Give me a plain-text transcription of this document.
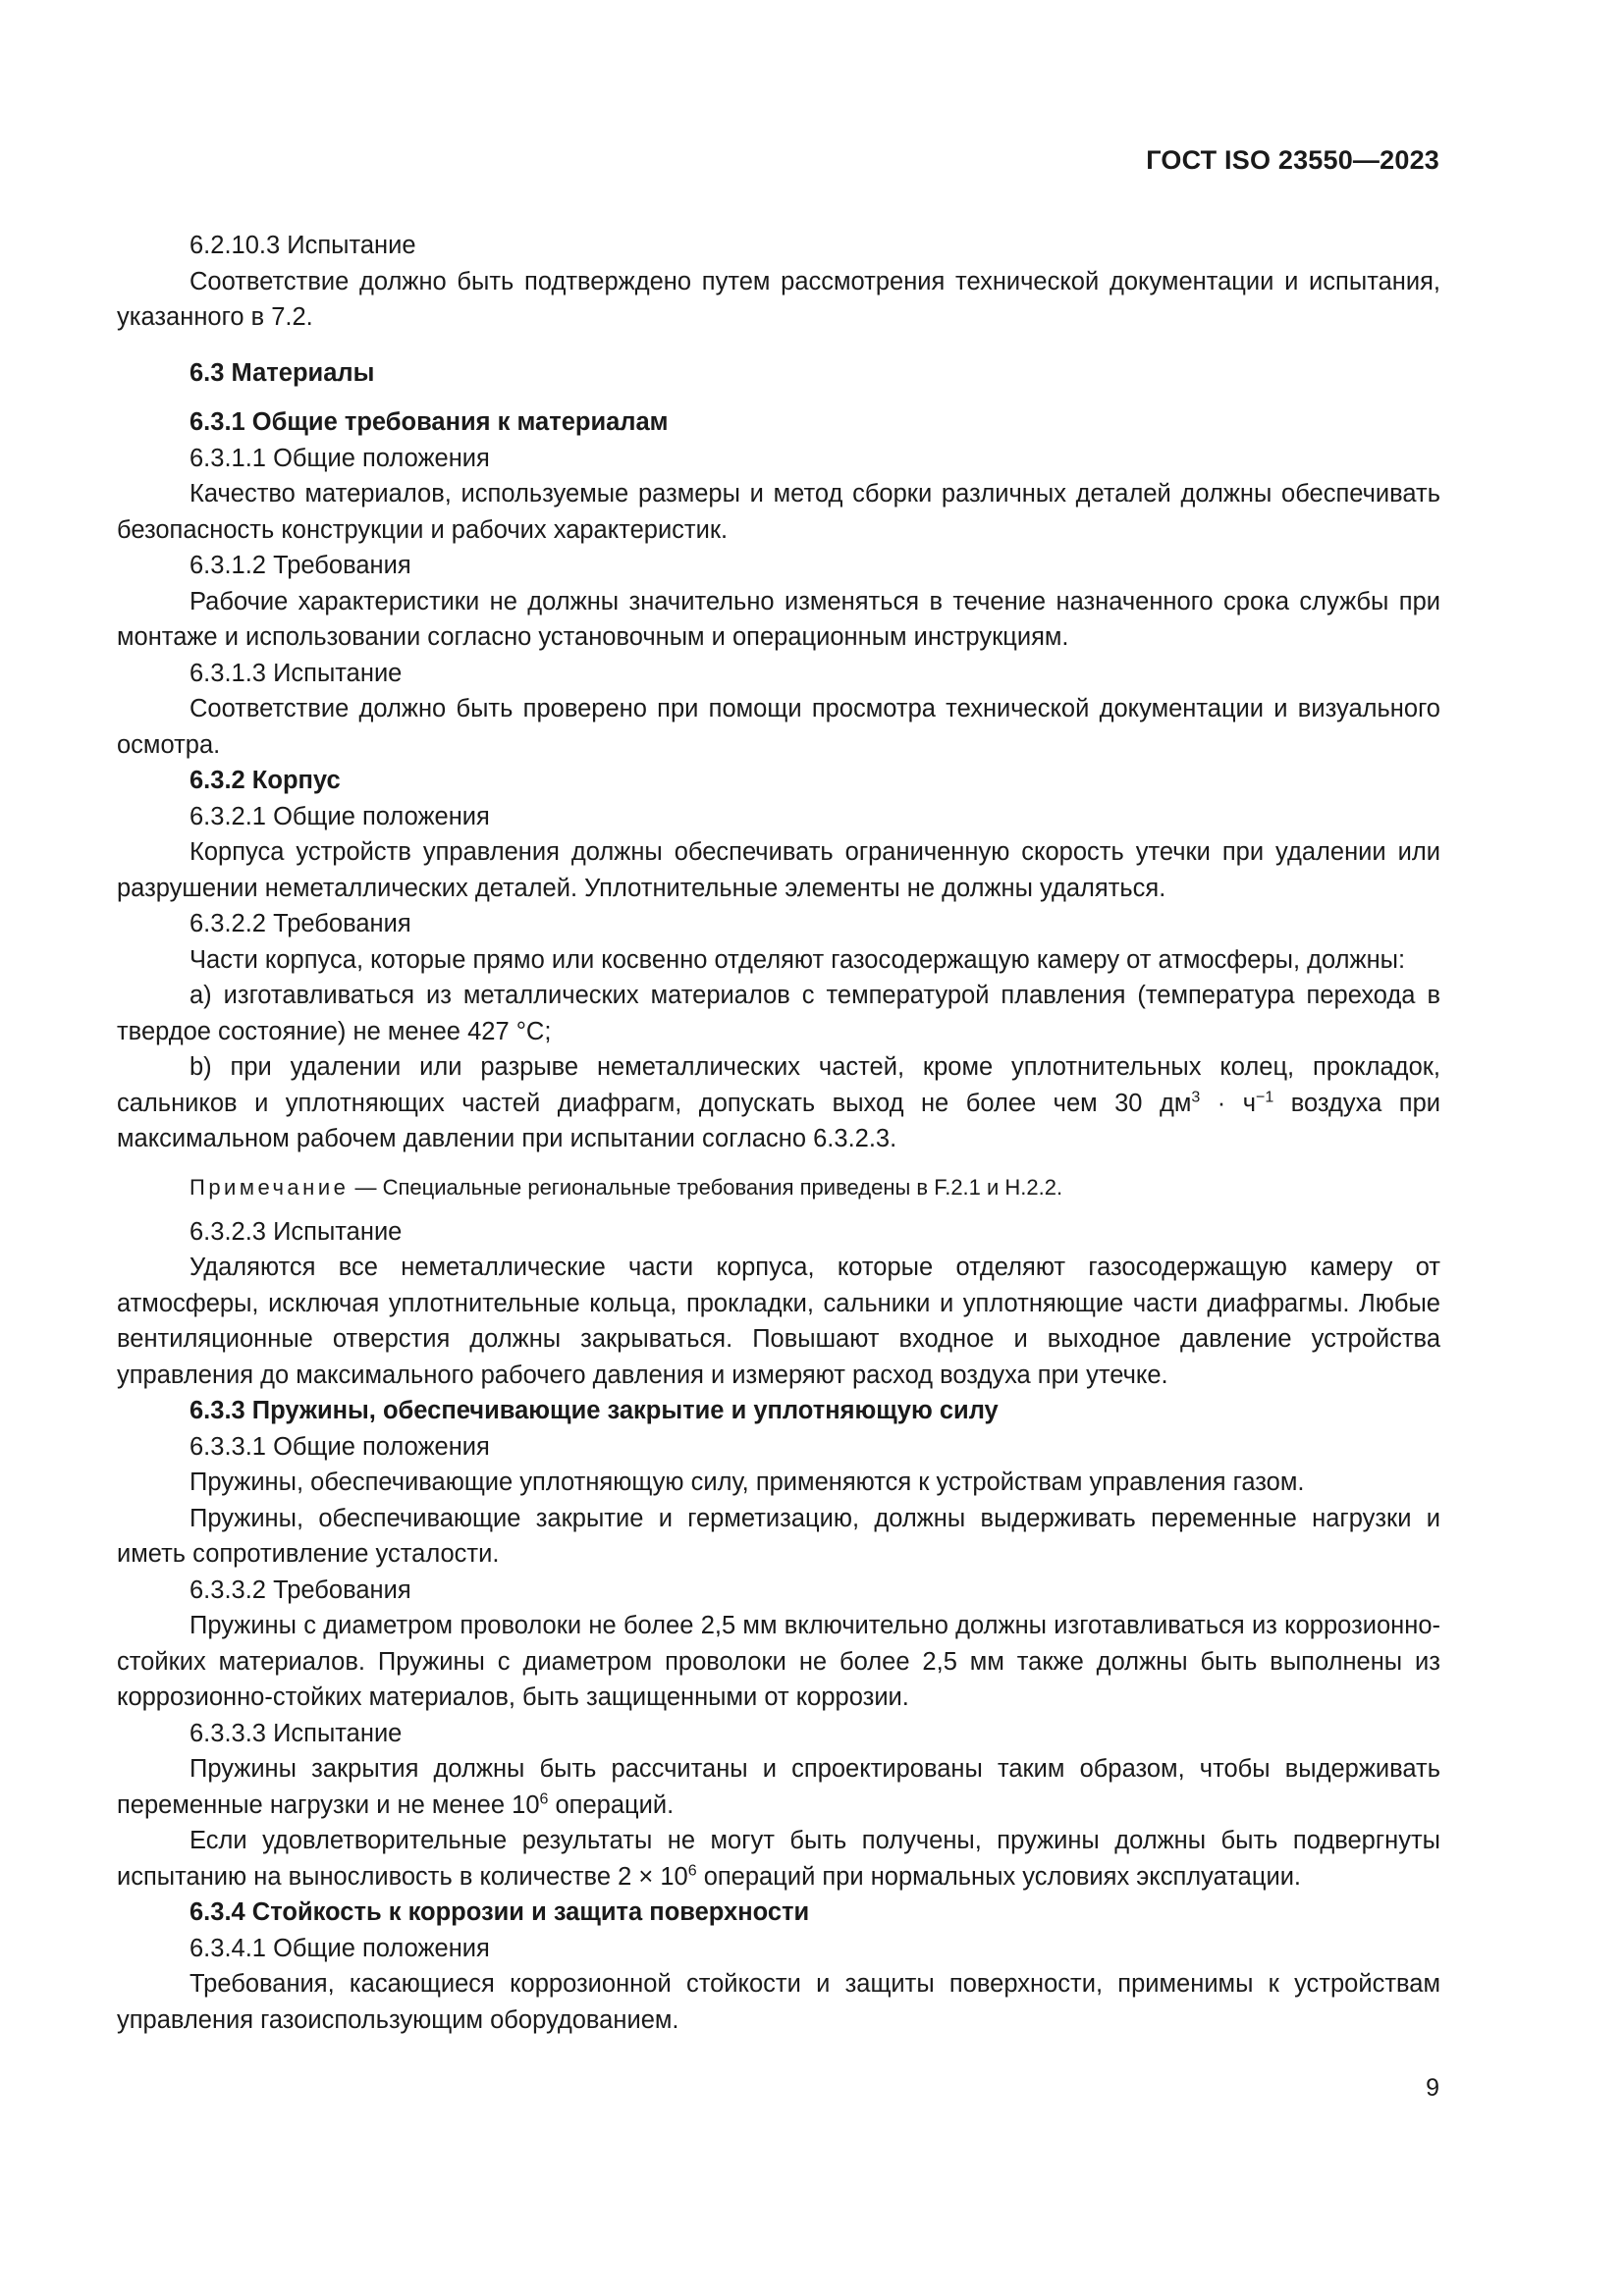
ГОСТ ISO 23550—2023

6.2.10.3 Испытание

Соответствие должно быть подтверждено путем рассмотрения технической документации и испытания, указанного в 7.2.

6.3 Материалы

6.3.1 Общие требования к материалам

6.3.1.1 Общие положения

Качество материалов, используемые размеры и метод сборки различных деталей должны обеспечивать безопасность конструкции и рабочих характеристик.

6.3.1.2 Требования

Рабочие характеристики не должны значительно изменяться в течение назначенного срока службы при монтаже и использовании согласно установочным и операционным инструкциям.

6.3.1.3 Испытание

Соответствие должно быть проверено при помощи просмотра технической документации и визуального осмотра.

6.3.2 Корпус

6.3.2.1 Общие положения

Корпуса устройств управления должны обеспечивать ограниченную скорость утечки при удалении или разрушении неметаллических деталей. Уплотнительные элементы не должны удаляться.

6.3.2.2 Требования

Части корпуса, которые прямо или косвенно отделяют газосодержащую камеру от атмосферы, должны:

a) изготавливаться из металлических материалов с температурой плавления (температура перехода в твердое состояние) не менее 427 °С;

b) при удалении или разрыве неметаллических частей, кроме уплотнительных колец, прокладок, сальников и уплотняющих частей диафрагм, допускать выход не более чем 30 $дм^3 \cdot ч^{-1}$ воздуха при максимальном рабочем давлении при испытании согласно 6.3.2.3.

Примечание — Специальные региональные требования приведены в F.2.1 и Н.2.2.

6.3.2.3 Испытание

Удаляются все неметаллические части корпуса, которые отделяют газосодержащую камеру от атмосферы, исключая уплотнительные кольца, прокладки, сальники и уплотняющие части диафрагмы. Любые вентиляционные отверстия должны закрываться. Повышают входное и выходное давление устройства управления до максимального рабочего давления и измеряют расход воздуха при утечке.

6.3.3 Пружины, обеспечивающие закрытие и уплотняющую силу

6.3.3.1 Общие положения

Пружины, обеспечивающие уплотняющую силу, применяются к устройствам управления газом.

Пружины, обеспечивающие закрытие и герметизацию, должны выдерживать переменные нагрузки и иметь сопротивление усталости.

6.3.3.2 Требования

Пружины с диаметром проволоки не более 2,5 мм включительно должны изготавливаться из коррозионно-стойких материалов. Пружины с диаметром проволоки не более 2,5 мм также должны быть выполнены из коррозионно-стойких материалов, быть защищенными от коррозии.

6.3.3.3 Испытание

Пружины закрытия должны быть рассчитаны и спроектированы таким образом, чтобы выдерживать переменные нагрузки и не менее $10^6$ операций.

Если удовлетворительные результаты не могут быть получены, пружины должны быть подвергнуты испытанию на выносливость в количестве $2 \times 10^6$ операций при нормальных условиях эксплуатации.

6.3.4 Стойкость к коррозии и защита поверхности

6.3.4.1 Общие положения

Требования, касающиеся коррозионной стойкости и защиты поверхности, применимы к устройствам управления газоиспользующим оборудованием.

9
